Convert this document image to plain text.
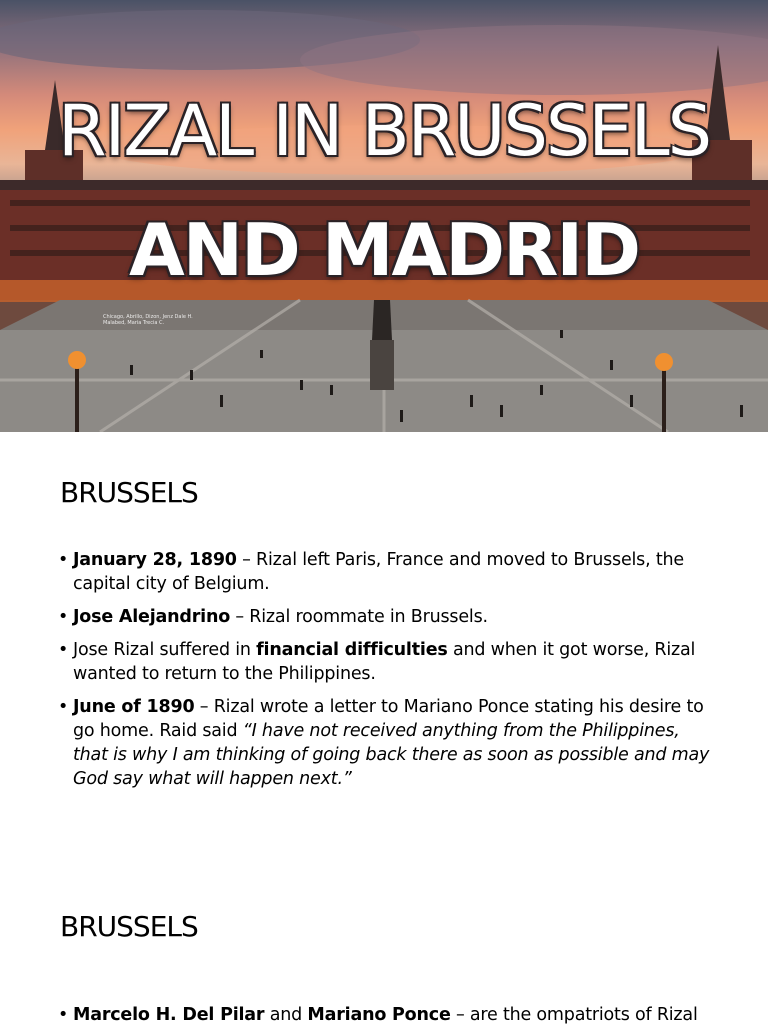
RIZAL IN BRUSSELS
AND MADRID
Chicago, Abrillo, Dizon, Jenz Dale H. Malabed, Maria Trecia C.
BRUSSELS
• January 28, 1890 – Rizal left Paris, France and moved to Brussels, the capital city of Belgium.
• Jose Alejandrino – Rizal roommate in Brussels.
• Jose Rizal suffered in financial difficulties and when it got worse, Rizal wanted to return to the Philippines.
• June of 1890 – Rizal wrote a letter to Mariano Ponce stating his desire to go home. Raid said “I have not received anything from the Philippines, that is why I am thinking of going back there as soon as possible and may God say what will happen next.”
BRUSSELS
• Marcelo H. Del Pilar and Mariano Ponce – are the ompatriots of Rizal
